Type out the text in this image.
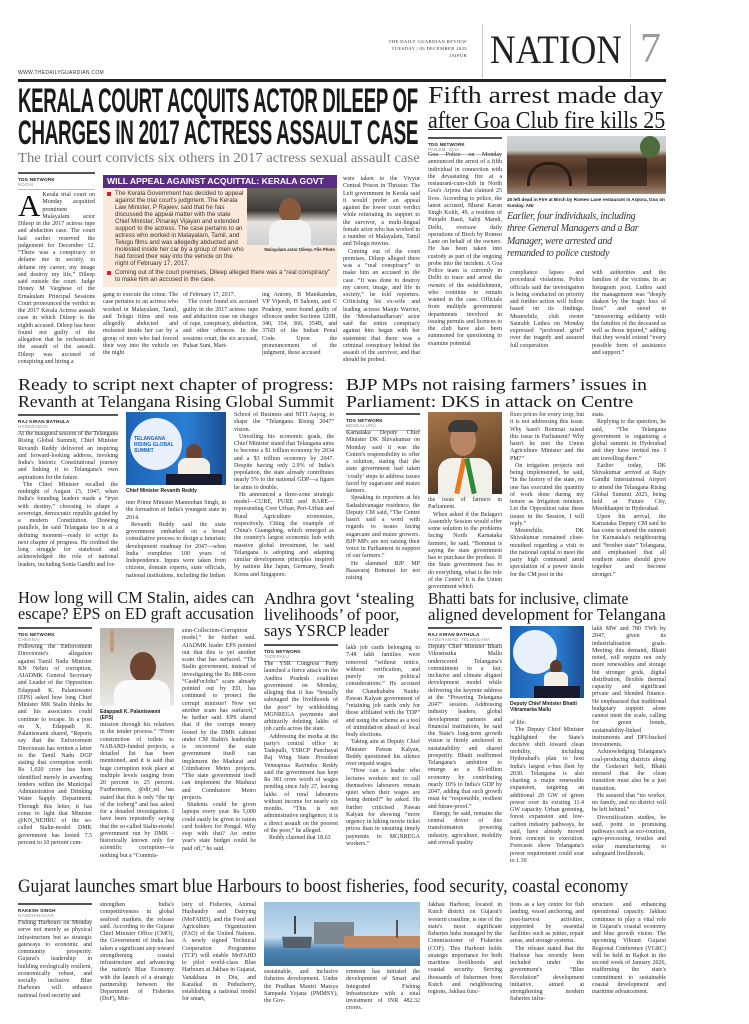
WWW.THEDAILYGUARDIAN.COM
THE DAILY GUARDIAN REVIEW
TUESDAY | 09 DECEMBER 2025
JAIPUR NATION 7
KERALA COURT ACQUITS ACTOR DILEEP OF
CHARGES IN 2017 ACTRESS ASSAULT CASE
The trial court convicts six others in 2017 actress sexual assault case
TDG NETWORK
KOCHI
A Kerala trial court on Monday acquitted prominent Malayalam actor Dileep in the 2017 actress rape and abduction case. The court had earlier reserved the judgement for December 12. “There was a conspiracy to defame me in society, to defame my career, my image and destroy my life,” Dileep said outside the court. Judge Honey M Varghese of the Ernakulam Principal Sessions Court pronounced the verdict in the 2017 Kerala Actress assault case in which Dileep is the eighth accused. Dileep has been found not guilty of the allegation that he orchestrated the assault of the assault. Dileep was accused of conspiring and hiring a

gang to execute the crime. The case pertains to an actress who worked in Malayalam, Tamil, and Telugu films and was allegedly abducted and molested inside her car by a group of men who had forced their way into the vehicle on the night

of February 17, 2017.

The court found six accused guilty in the 2017 actress rape and abduction case on charges of rape, conspiracy, abduction, and other offences. In the sessions court, the six accused, Pulsar Suni, Mart-

ing Antony, B Manikandan, VP Vijeesh, H Saleem, and C Pradeep, were found guilty of offences under Sections 120B, 340, 354, 366, 354B, and 376D of the Indian Penal Code. Upon the pronouncement of the judgment, these accused

were taken to the Viyyur Central Prison in Thrissur. The Left government in Kerala said it would prefer an appeal against the lower court verdict while reiterating its support to the survivor, a multi-lingual female actor who has worked in a number of Malayalam, Tamil and Telugu movies.

Coming out of the court premises, Dileep alleged there was a “real conspiracy” to make him an accused in the case. “It was done to destroy my career, image, and life in society,” he told reporters. Criticising his ex-wife and leading actress Manju Warrier, the ‘Meeshamadhavan’ actor said the entire conspiracy against him began with her statement that there was a criminal conspiracy behind the assault of the survivor, and that should be probed.

WILL APPEAL AGAINST ACQUITTAL: KERALA GOVT
Malayalam actor Dileep. File Photo
The Kerala Government has decided to appeal against the trial court's judgment. The Kerala Law Minister, P Rajeev, said that he has discussed the appeal matter with the state Chief Minister, Pinarayi Vijayan and extended support to the actress. The case pertains to an actress who worked in Malayalam, Tamil, and Telugu films and was allegedly abducted and molested inside her car by a group of men who had forced their way into the vehicle on the night of February 17, 2017.
Coming out of the court premises, Dileep alleged there was a “real conspiracy” to make him an accused in the case.
Fifth arrest made day
after Goa Club fire kills 25
TDG NETWORK
PANJIM, GOA

Goa Police on Monday announced the arrest of a fifth individual in connection with the devastating fire at a restaurant-cum-club in North Goa's Arpora that claimed 25 lives. According to police, the latest accused, Bharat Karan Singh Kohli, 49, a resident of Punjabi Basti, Sabji Mandi, Delhi, oversaw daily operations of Birch by Romeo Lane on behalf of the owners. He has been taken into custody as part of the ongoing probe into the incident. A Goa Police team is currently in Delhi to trace and arrest the owners of the establishment, who continue to remain wanted in the case. Officials from multiple government departments involved in issuing permits and licences to the club have also been summoned for questioning to examine potential

25 left dead in Fire at Birch by Romeo Lane restaurant in Arpora, Goa on Sunday. ANI
Earlier, four individuals, including three General Managers and a Bar Manager, were arrested and remanded to police custody

compliance lapses and procedural violations. Police officials said the investigation is being conducted on priority and further action will follow based on its findings. Meanwhile, club owner Saurabh Luthra on Monday expressed “profound grief” over the tragedy and assured full cooperation

with authorities and the families of the victims. In an Instagram post, Luthra said the management was “deeply shaken by the tragic loss of lives” and stood in “unwavering solidarity with the families of the deceased as well as those injured,” adding that they would extend “every possible form of assistance and support.”

Ready to script next chapter of progress:
Revanth at Telangana Rising Global Summit
RAJ KIRAN BATHULA
HYDERABAD

At the inaugural session of the Telangana Rising Global Summit, Chief Minister Revanth Reddy delivered an inspiring and forward-looking address, invoking India's historic Constitutional journey and linking it to Telangana's own aspirations for the future.

The Chief Minister recalled the midnight of August 15, 1947, when India's founding leaders made a “tryst with destiny,” choosing to shape a sovereign, democratic republic guided by a modern Constitution. Drawing parallels, he said Telangana too is at a defining moment—ready to script its next chapter of progress. He credited the long struggle for statehood and acknowledged the role of national leaders, including Sonia Gandhi and for-

TELANGANA RISING GLOBAL SUMMIT
Chief Minister Revanth Reddy

mer Prime Minister Manmohan Singh, in the formation of India's youngest state in 2014.

Revanth Reddy said the state government embarked on a broad consultative process to design a futuristic development roadmap for 2047—when India completes 100 years of Independence. Inputs were taken from citizens, domain experts, state officials, national institutions, including the Indian

School of Business and NITI Aayog, to shape the “Telangana Rising 2047” vision.

Unveiling his economic goals, the Chief Minister stated that Telangana aims to become a $1 trillion economy by 2034 and a $3 trillion economy by 2047. Despite having only 2.9% of India's population, the state already contributes nearly 5% to the national GDP—a figure he aims to double.

He announced a three-zone strategic model—CURE, PURE and RARE—representing Core Urban, Peri-Urban and Rural Agriculture economies, respectively. Citing the example of China's Guangdong, which emerged as the country's largest economic hub with massive global investment, he said Telangana is adopting and adapting similar development principles inspired by nations like Japan, Germany, South Korea and Singapore.

BJP MPs not raising farmers’ issues in
Parliament: DKS in attack on Centre
TDG NETWORK
BENGALURU

Karnataka Deputy Chief Minister DK Shivakumar on Monday said it was the Centre's responsibility to offer a solution, stating that the state government had taken ‘costly’ steps to address issues faced by sugarcane and maize farmers.

Speaking to reporters at his Sadashivanagar residence, the Deputy CM said, “The Centre hasn't said a word with regards to issues facing sugarcane and maize growers. BJP MPs are not raising their voice in Parliament in support of our farmers.”

He slammed BJP MP Basavaraj Bommai for not raising

the issue of farmers in Parliament.

When asked if the Belagavi Assembly Session would offer some solution to the problems facing North Karnataka farmers, he said, “Bommai is saying the state government has to purchase the produce. If the State government has to do everything, what is the role of the Centre? It is the Union government which

fixes prices for every crop, but it is not addressing this issue. Why hasn't Bommai raised this issue in Parliament? Why hasn't he met the Union Agriculture Minister and the PM?”

On irrigation projects not being implemented, he said, “In the history of the state, no one has executed the quantity of work done during my tenure as Irrigation minister. Let the Opposition raise these issues in the Session, I will reply.”

Meanwhile, DK Shivakumar remained close-mouthed regarding a visit to the national capital to meet the party high command amid speculation of a power tussle for the CM post in the

state.

Replying to the question, he said, “The Telangana government is organising a global summit in Hyderabad and they have invited me. I am travelling there.”

Earlier today, DK Shivakumar arrived at Rajiv Gandhi International Airport to attend the Telangana Rising Global Summit 2025, being held at Future City, Meerkhanpet in Hyderabad.

Upon his arrival, the Karnataka Deputy CM said he has come to attend the summit for Karnataka's neighbouring and “brother state” Telangana, and emphasised that all southern states should grow together and become stronger.”

How long will CM Stalin, aides can
escape? EPS on ED graft accusation
TDG NETWORK
CHENNAI

Following the Enforcement Directorate's allegation against Tamil Nadu Minister KN Nehru of corruption, AIADMK General Secretary and Leader of the Opposition Edappadi K. Palaniswami (EPS) asked how long Chief Minister MK Stalin thinks he and his associates could continue to escape. In a post on X, Edappadi K. Palaniswami shared, “Reports say that the Enforcement Directorate has written a letter to the Tamil Nadu DGP stating that corruption worth Rs 1,020 crore has been identified merely in awarding tenders within the Municipal Administration and Drinking Water Supply Department. Through this letter, it has come to light that Minister @KN_NEHRU of the so-called Stalin-model DMK government has looted 7.5 percent to 10 percent com-

Edappadi K. Palaniswami (EPS)

mission through his relatives in the tender process.” “From construction of toilets to NABARD-funded projects, a detailed list has been mentioned, and it is said that huge corruption took place at multiple levels ranging from 20 percent to 25 percent. Furthermore, @dir_ed has stated that this is only “the tip of the iceberg” and has asked for a detailed investigation. I have been repeatedly saying that the so-called Stalin-model government run by DMK - historically known only for scientific corruption—is nothing but a “Commis-

sion-Collection-Corruption model,” he further said. AIADMK leader EPS pointed out that this is yet another scam that has surfaced. “The Stalin government, instead of investigating the Rs 888-crore “CashForJobs” scam already pointed out by ED, has continued to protect the corrupt minister! Now yet another scam has surfaced,” he further said. EPS shared that if the corrupt money looted by the DMK cabinet under CM Stalin's leadership is recovered the state government itself can implement the Madurai and Coimbatore Metro projects. “The state government itself can implement the Madurai and Coimbatore Metro projects.

Students could be given laptops every year. Rs 5,000 could easily be given to ration card holders for Pongal. Why stop with that? An entire year's state budget could be paid off,” he said.

Andhra govt ‘stealing
livelihoods’ of poor,
says YSRCP leader
TDG NETWORK
TADEPALLI

The YSR Congress Party launched a fierce attack on the Andhra Pradesh coalition government on Monday, alleging that it has “brutally sabotaged the livelihoods of the poor” by withholding MGNREGA payments and arbitrarily deleting lakhs of job cards across the state.

Addressing the media at the party's central office in Tadepalli, YSRCP Panchayat Raj Wing State President Vennapusa Ravindra Reddy said the government has kept Rs 381 crore worth of wages pending since July 27, leaving lakhs of rural labourers without income for nearly six months. “This is not administrative negligence; it is a direct assault on the poorest of the poor,” he alleged.

Reddy claimed that 18.63

lakh job cards belonging to 7.48 lakh families were removed “without notice, without verification, and purely on political considerations.” He accused the Chandrababu Naidu-Pawan Kalyan government of “retaining job cards only for those affiliated with the TDP” and using the scheme as a tool of intimidation ahead of local body elections.

Taking aim at Deputy Chief Minister Pawan Kalyan, Reddy questioned his silence over unpaid wages.

“How can a leader who lectures workers not to call themselves labourers remain quiet when their wages are being denied?” he asked. He further criticised Pawan Kalyan for showing “more urgency in hiking movie ticket prices than in ensuring timely payments to MGNREGA workers.”

Bhatti bats for inclusive, climate
aligned development for Telangana
RAJ KIRAN BATHULA
HYDERABAD, TELANGANA

Deputy Chief Minister Bhatti Vikramarka Mallu underscored Telangana's commitment to a fair, inclusive and climate aligned development model while delivering the keynote address at the “Powering Telangana 2047” session. Addressing industry leaders, global development partners and financial institutions, he said the State's long-term growth vision is firmly anchored in sustainability and shared prosperity. Bhatti reaffirmed Telangana's ambition to emerge as a $3-trillion economy by contributing nearly 10% to India's GDP by 2047, adding that such growth must be “responsible, resilient and future-proof.”

Energy, he said, remains the central driver of this transformation powering industry, agriculture, mobility and overall quality

Deputy Chief Minister Bhatti Vikramarka Mallu

of life.

The Deputy Chief Minister highlighted the State's decisive shift toward clean mobility, including Hyderabad's plan to host India's largest e-bus fleet by 2030. Telangana is also charting a major renewable expansion, targeting an additional 20 GW of green power over its existing 11.4 GW capacity. Urban greening, forest expansion and low-carbon industry pathways, he said, have already moved from concept to execution. Forecasts show Telangana's power requirement could soar to 1.39

lakh MW and 780 TWh by 2047, given its industrialisation goals. Meeting this demand, Bhatti noted, will require not only more renewables and storage but stronger grids, digital distribution, flexible thermal capacity and significant private and blended finance. He emphasised that traditional budgetary support alone cannot meet the scale, calling for green bonds, sustainability-linked instruments and DFI-backed investments.

Acknowledging Telangana's coal-producing districts along the Godavari belt, Bhatti stressed that the clean transition must also be a just transition.

He assured that “no worker, no family, and no district will be left behind.”

Diversification studies, he said, point to promising pathways such as eco-tourism, agro-processing, textiles and solar manufacturing to safeguard livelihoods.

Gujarat launches smart blue Harbours to boost fisheries, food security, coastal economy
RAKESH SINGH
GANDHINAGAR

Fishing Harbours on Monday serve not merely as physical infrastructure but as strategic gateways to economic and community prosperity. Gujarat's leadership in building ecologically resilient, economically robust, and socially inclusive Blue Harbours will enhance national food security and

strengthen India's competitiveness in global seafood markets, the release said. According to the Gujarat Chief Minister Office (CMO), the Government of India has taken a significant step toward strengthening coastal infrastructure and advancing the nation's Blue Economy with the launch of a strategic partnership between the Department of Fisheries (DoF), Min-

istry of Fisheries, Animal Husbandry and Dairying (MoFAHD), and the Food and Agriculture Organization (FAO) of the United Nations. A newly signed Technical Cooperation Programme (TCP) will enable MoFAHD to pilot world-class Blue Harbours at Jakhau in Gujarat, Vanakbara in Diu, and Karaikal in Puducherry, establishing a national model for smart,

sustainable, and inclusive fisheries development. Under the Pradhan Mantri Matsya Sampada Yojana (PMMSY), the Gov-

ernment has initiated the development of Smart and Integrated Fishing Infrastructure with a total investment of INR 482.32 crores.

Jakhau Harbour, located in Kutch district on Gujarat's western coastline, is one of the state's most significant fisheries hubs managed by the Commissioner of Fisheries (COF). This Harbour holds strategic importance for both maritime livelihoods and coastal security. Serving thousands of fishermen from Kutch and neighbouring regions, Jakhau func-

tions as a key centre for fish landing, vessel anchoring, and post-harvest activities, supported by essential facilities such as jetties, repair areas, and storage systems.

The release stated that the Harbour has recently been included under the government's “Blue Revolution” development initiative, aimed at strengthening modern fisheries infra-

structure and enhancing operational capacity. Jakhau continues to play a vital role in Gujarat's coastal economy and blue growth vision. The upcoming Vibrant Gujarat Regional Conference (VGRC) will be held in Rajkot in the second week of January 2026, reaffirming the state's commitment to sustainable coastal development and maritime advancement.
